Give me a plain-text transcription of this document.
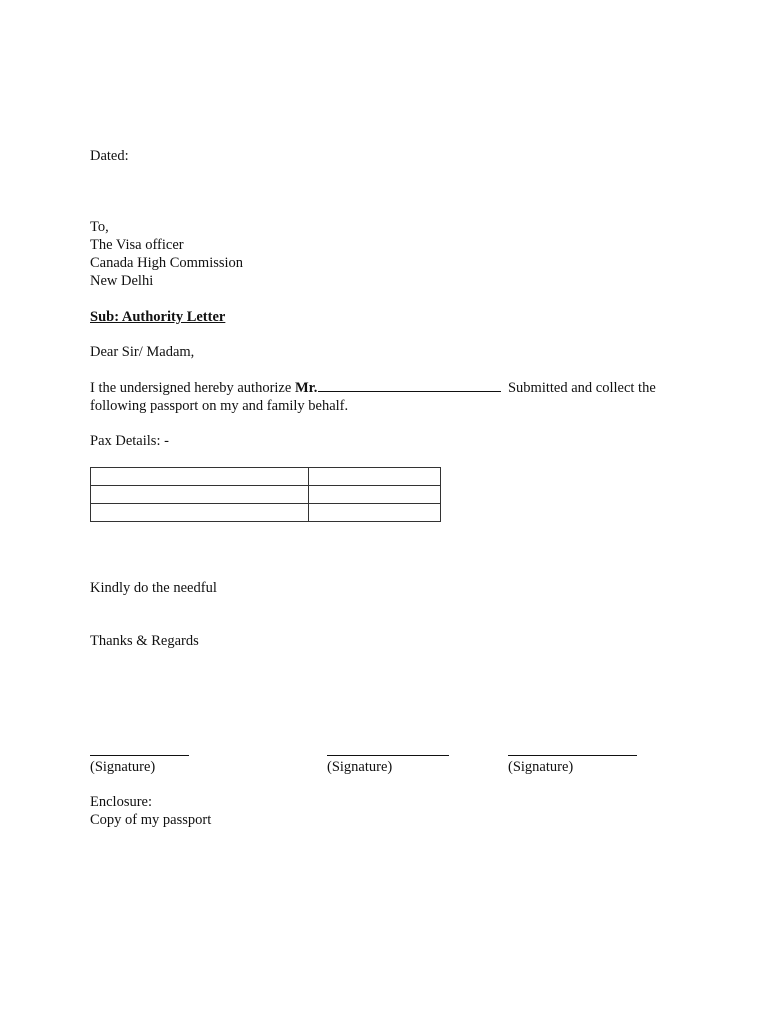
Dated:
To,
The Visa officer
Canada High Commission
New Delhi
Sub: Authority Letter
Dear Sir/ Madam,
I the undersigned hereby authorize Mr.	Submitted and collect the
following passport on my and family behalf.
Pax Details: -

Kindly do the needful
Thanks & Regards
(Signature)	(Signature)	(Signature)
Enclosure:
Copy of my passport
